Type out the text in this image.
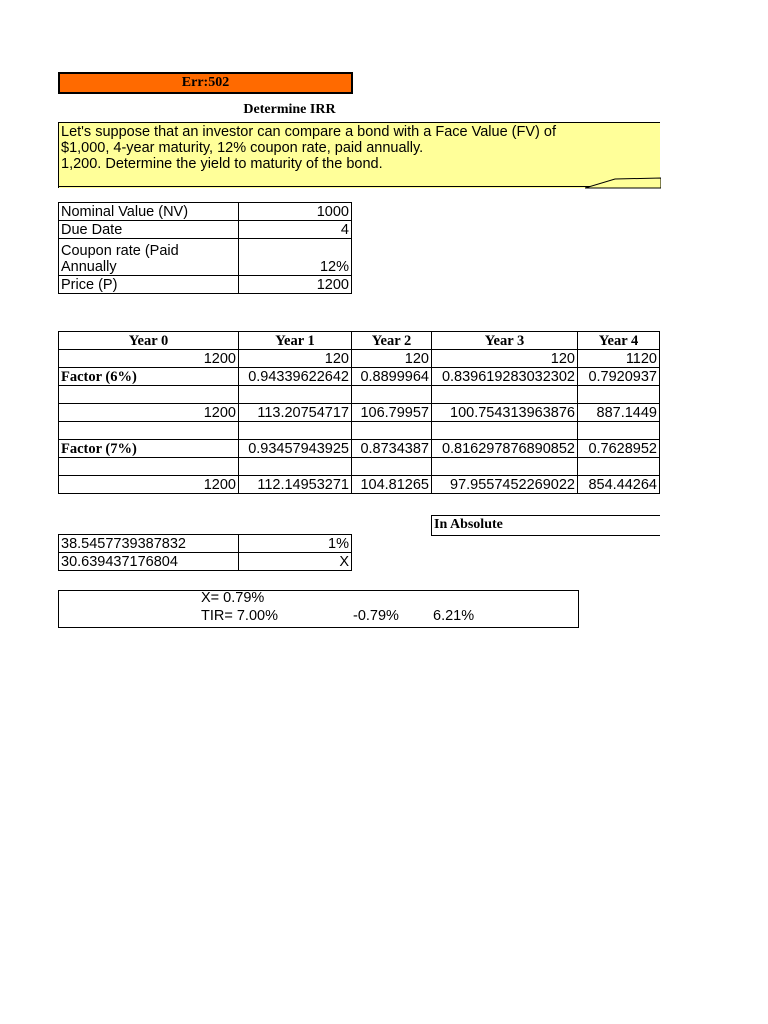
Err:502
Determine IRR
Let's suppose that an investor can compare a bond with a Face Value (FV) of
$1,000, 4-year maturity, 12% coupon rate, paid annually.
1,200. Determine the yield to maturity of the bond.
Nominal Value (NV)	1000
Due Date	4
Coupon rate (Paid Annually	12%
Price (P)	1200
Year 0	Year 1	Year 2	Year 3	Year 4
1200	120	120	120	1120
Factor (6%)	0.94339622642	0.8899964	0.839619283032302	0.7920937

1200	113.20754717	106.79957	100.754313963876	887.1449

Factor (7%)	0.93457943925	0.8734387	0.816297876890852	0.7628952

1200	112.14953271	104.81265	97.9557452269022	854.44264
In Absolute
38.5457739387832	1%
30.639437176804	X
X= 0.79%
TIR= 7.00%	-0.79% 6.21%
